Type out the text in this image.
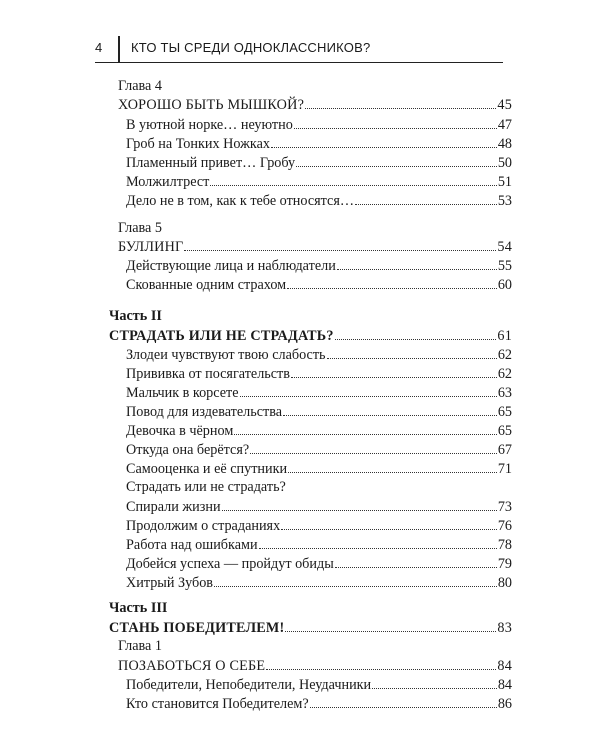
4 КТО ТЫ СРЕДИ ОДНОКЛАССНИКОВ?
Глава 4
ХОРОШО БЫТЬ МЫШКОЙ?	45
В уютной норке… неуютно	47
Гроб на Тонких Ножках	48
Пламенный привет… Гробу	50
Молжилтрест	51
Дело не в том, как к тебе относятся…	53
Глава 5
БУЛЛИНГ	54
Действующие лица и наблюдатели	55
Скованные одним страхом	60
Часть II
СТРАДАТЬ ИЛИ НЕ СТРАДАТЬ?	61
Злодеи чувствуют твою слабость	62
Прививка от посягательств	62
Мальчик в корсете	63
Повод для издевательства	65
Девочка в чёрном	65
Откуда она берётся?	67
Самооценка и её спутники	71
Страдать или не страдать?
Спирали жизни	73
Продолжим о страданиях	76
Работа над ошибками	78
Добейся успеха — пройдут обиды	79
Хитрый Зубов	80
Часть III
СТАНЬ ПОБЕДИТЕЛЕМ!	83
Глава 1
ПОЗАБОТЬСЯ О СЕБЕ	84
Победители, Непобедители, Неудачники	84
Кто становится Победителем?	86
